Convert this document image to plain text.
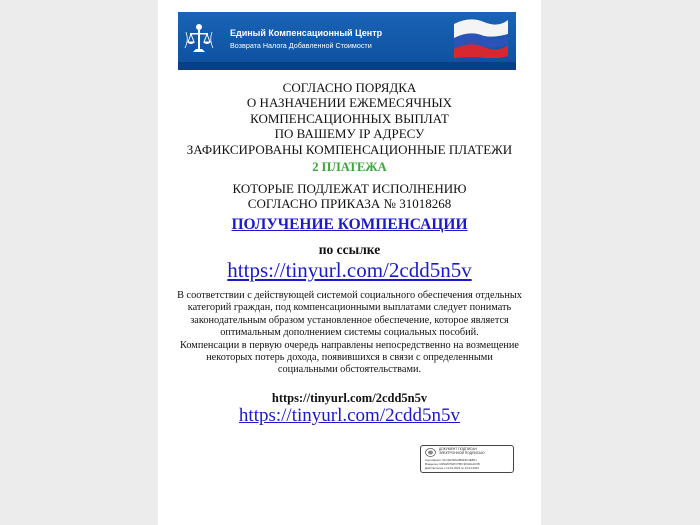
Единый Компенсационный Центр
Возврата Налога Добавленной Стоимости
СОГЛАСНО ПОРЯДКА
О НАЗНАЧЕНИИ ЕЖЕМЕСЯЧНЫХ
КОМПЕНСАЦИОННЫХ ВЫПЛАТ
ПО ВАШЕМУ IP АДРЕСУ
ЗАФИКСИРОВАНЫ КОМПЕНСАЦИОННЫЕ ПЛАТЕЖИ
2 ПЛАТЕЖА
КОТОРЫЕ ПОДЛЕЖАТ ИСПОЛНЕНИЮ
СОГЛАСНО ПРИКАЗА № 31018268
ПОЛУЧЕНИЕ КОМПЕНСАЦИИ
по ссылке
https://tinyurl.com/2cdd5n5v
В соответствии с действующей системой социального обеспечения отдельных категорий граждан, под компенсационными выплатами следует понимать законодательным образом установленное обеспечение, которое является оптимальным дополнением системы социальных пособий.
Компенсации в первую очередь направлены непосредственно на возмещение некоторых потерь дохода, появившихся в связи с определенными социальными обстоятельствами.
https://tinyurl.com/2cdd5n5v
https://tinyurl.com/2cdd5n5v
ДОКУМЕНТ ПОДПИСАН
ЭЛЕКТРОННОЙ ПОДПИСЬЮ
Сертификат: 01C4D7E0A2B5F9C3E8D1
Владелец: МИНИСТЕРСТВО ФИНАНСОВ
Действителен с 10.01.2022 по 10.04.2023
